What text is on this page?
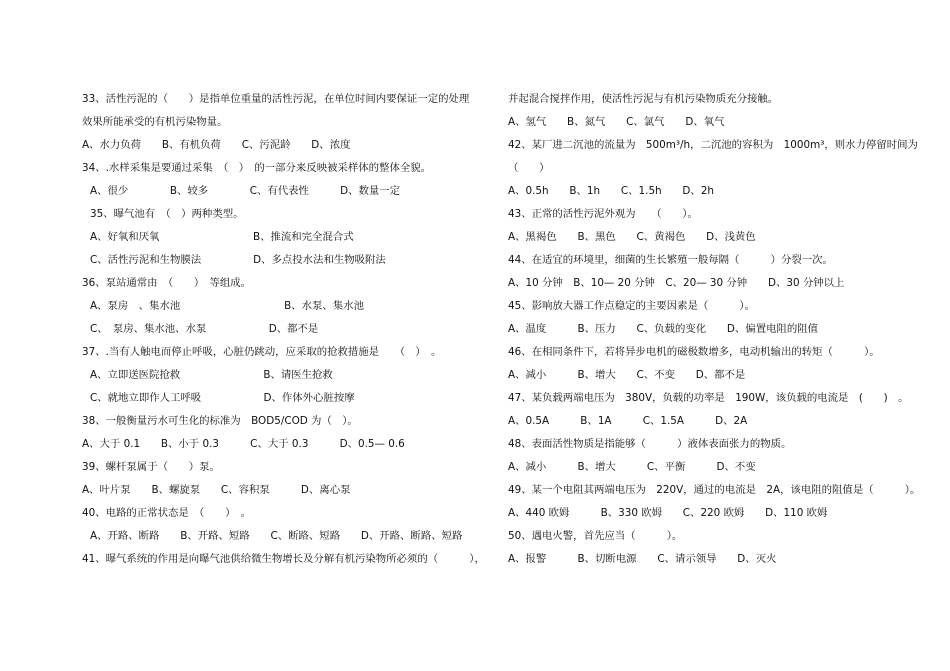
33、活性污泥的（　　）是指单位重量的活性污泥，在单位时间内要保证一定的处理
效果所能承受的有机污染物量。
A、水力负荷　　B、有机负荷　　C、污泥龄　　D、浓度
34、.水样采集是要通过采集　（　）　的一部分来反映被采样体的整体全貌。
A、很少　　　　B、较多　　　　C、有代表性　　　D、数量一定
35、曝气池有　（　）两种类型。
A、好氧和厌氧　　　　　　　　　B、推流和完全混合式
C、活性污泥和生物膜法　　　　　D、多点投水法和生物吸附法
36、泵站通常由　（　　）　等组成。
A、泵房　、集水池　　　　　　　　　　B、水泵、集水池
C、　泵房、集水池、水泵　　　　　　D、都不是
37、.当有人触电而停止呼吸，心脏仍跳动，应采取的抢救措施是　　（　）　。
A、立即送医院抢救　　　　　　　　B、请医生抢救
C、就地立即作人工呼吸　　　　　　D、作体外心脏按摩
38、一般衡量污水可生化的标准为　BOD5/COD 为（　）。
A、大于 0.1　　B、小于 0.3　　　C、大于 0.3　　　D、0.5— 0.6
39、螺杆泵属于（　　）泵。
A、叶片泵　　B、螺旋泵　　C、容积泵　　　D、离心泵
40、电路的正常状态是　（　　）　。
A、开路、断路　　B、开路、短路　　C、断路、短路　　D、开路、断路、短路
41、曝气系统的作用是向曝气池供给微生物增长及分解有机污染物所必须的（　　　），
并起混合搅拌作用，使活性污泥与有机污染物质充分接触。
A、氢气　　B、氮气　　C、氯气　　D、氧气
42、某厂进二沉池的流量为　500m³/h，二沉池的容积为　1000m³，则水力停留时间为
（　　）
A、0.5h　　B、1h　　C、1.5h　　D、2h
43、正常的活性污泥外观为　　（　　）。
A、黑褐色　　B、黑色　　C、黄褐色　　D、浅黄色
44、在适宜的环境里，细菌的生长繁殖一般每隔（　　　）分裂一次。
A、10 分钟　B、10— 20 分钟　C、20— 30 分钟　　D、30 分钟以上
45、影响放大器工作点稳定的主要因素是（　　　）。
A、温度　　　B、压力　　C、负载的变化　　D、偏置电阻的阻值
46、在相同条件下，若将异步电机的磁极数增多，电动机输出的转矩（　　　）。
A、减小　　　B、增大　　C、不变　　D、都不是
47、某负载两端电压为　380V，负载的功率是　190W，该负载的电流是　(　　)　。
A、0.5A　　　B、1A　　　C、1.5A　　　D、2A
48、表面活性物质是指能够（　　　）液体表面张力的物质。
A、减小　　　B、增大　　　C、平衡　　　D、不变
49、某一个电阻其两端电压为　220V，通过的电流是　2A，该电阻的阻值是（　　　）。
A、440 欧姆　　　B、330 欧姆　　C、220 欧姆　　D、110 欧姆
50、遇电火警，首先应当（　　　）。
A、报警　　　B、切断电源　　C、请示领导　　D、灭火
